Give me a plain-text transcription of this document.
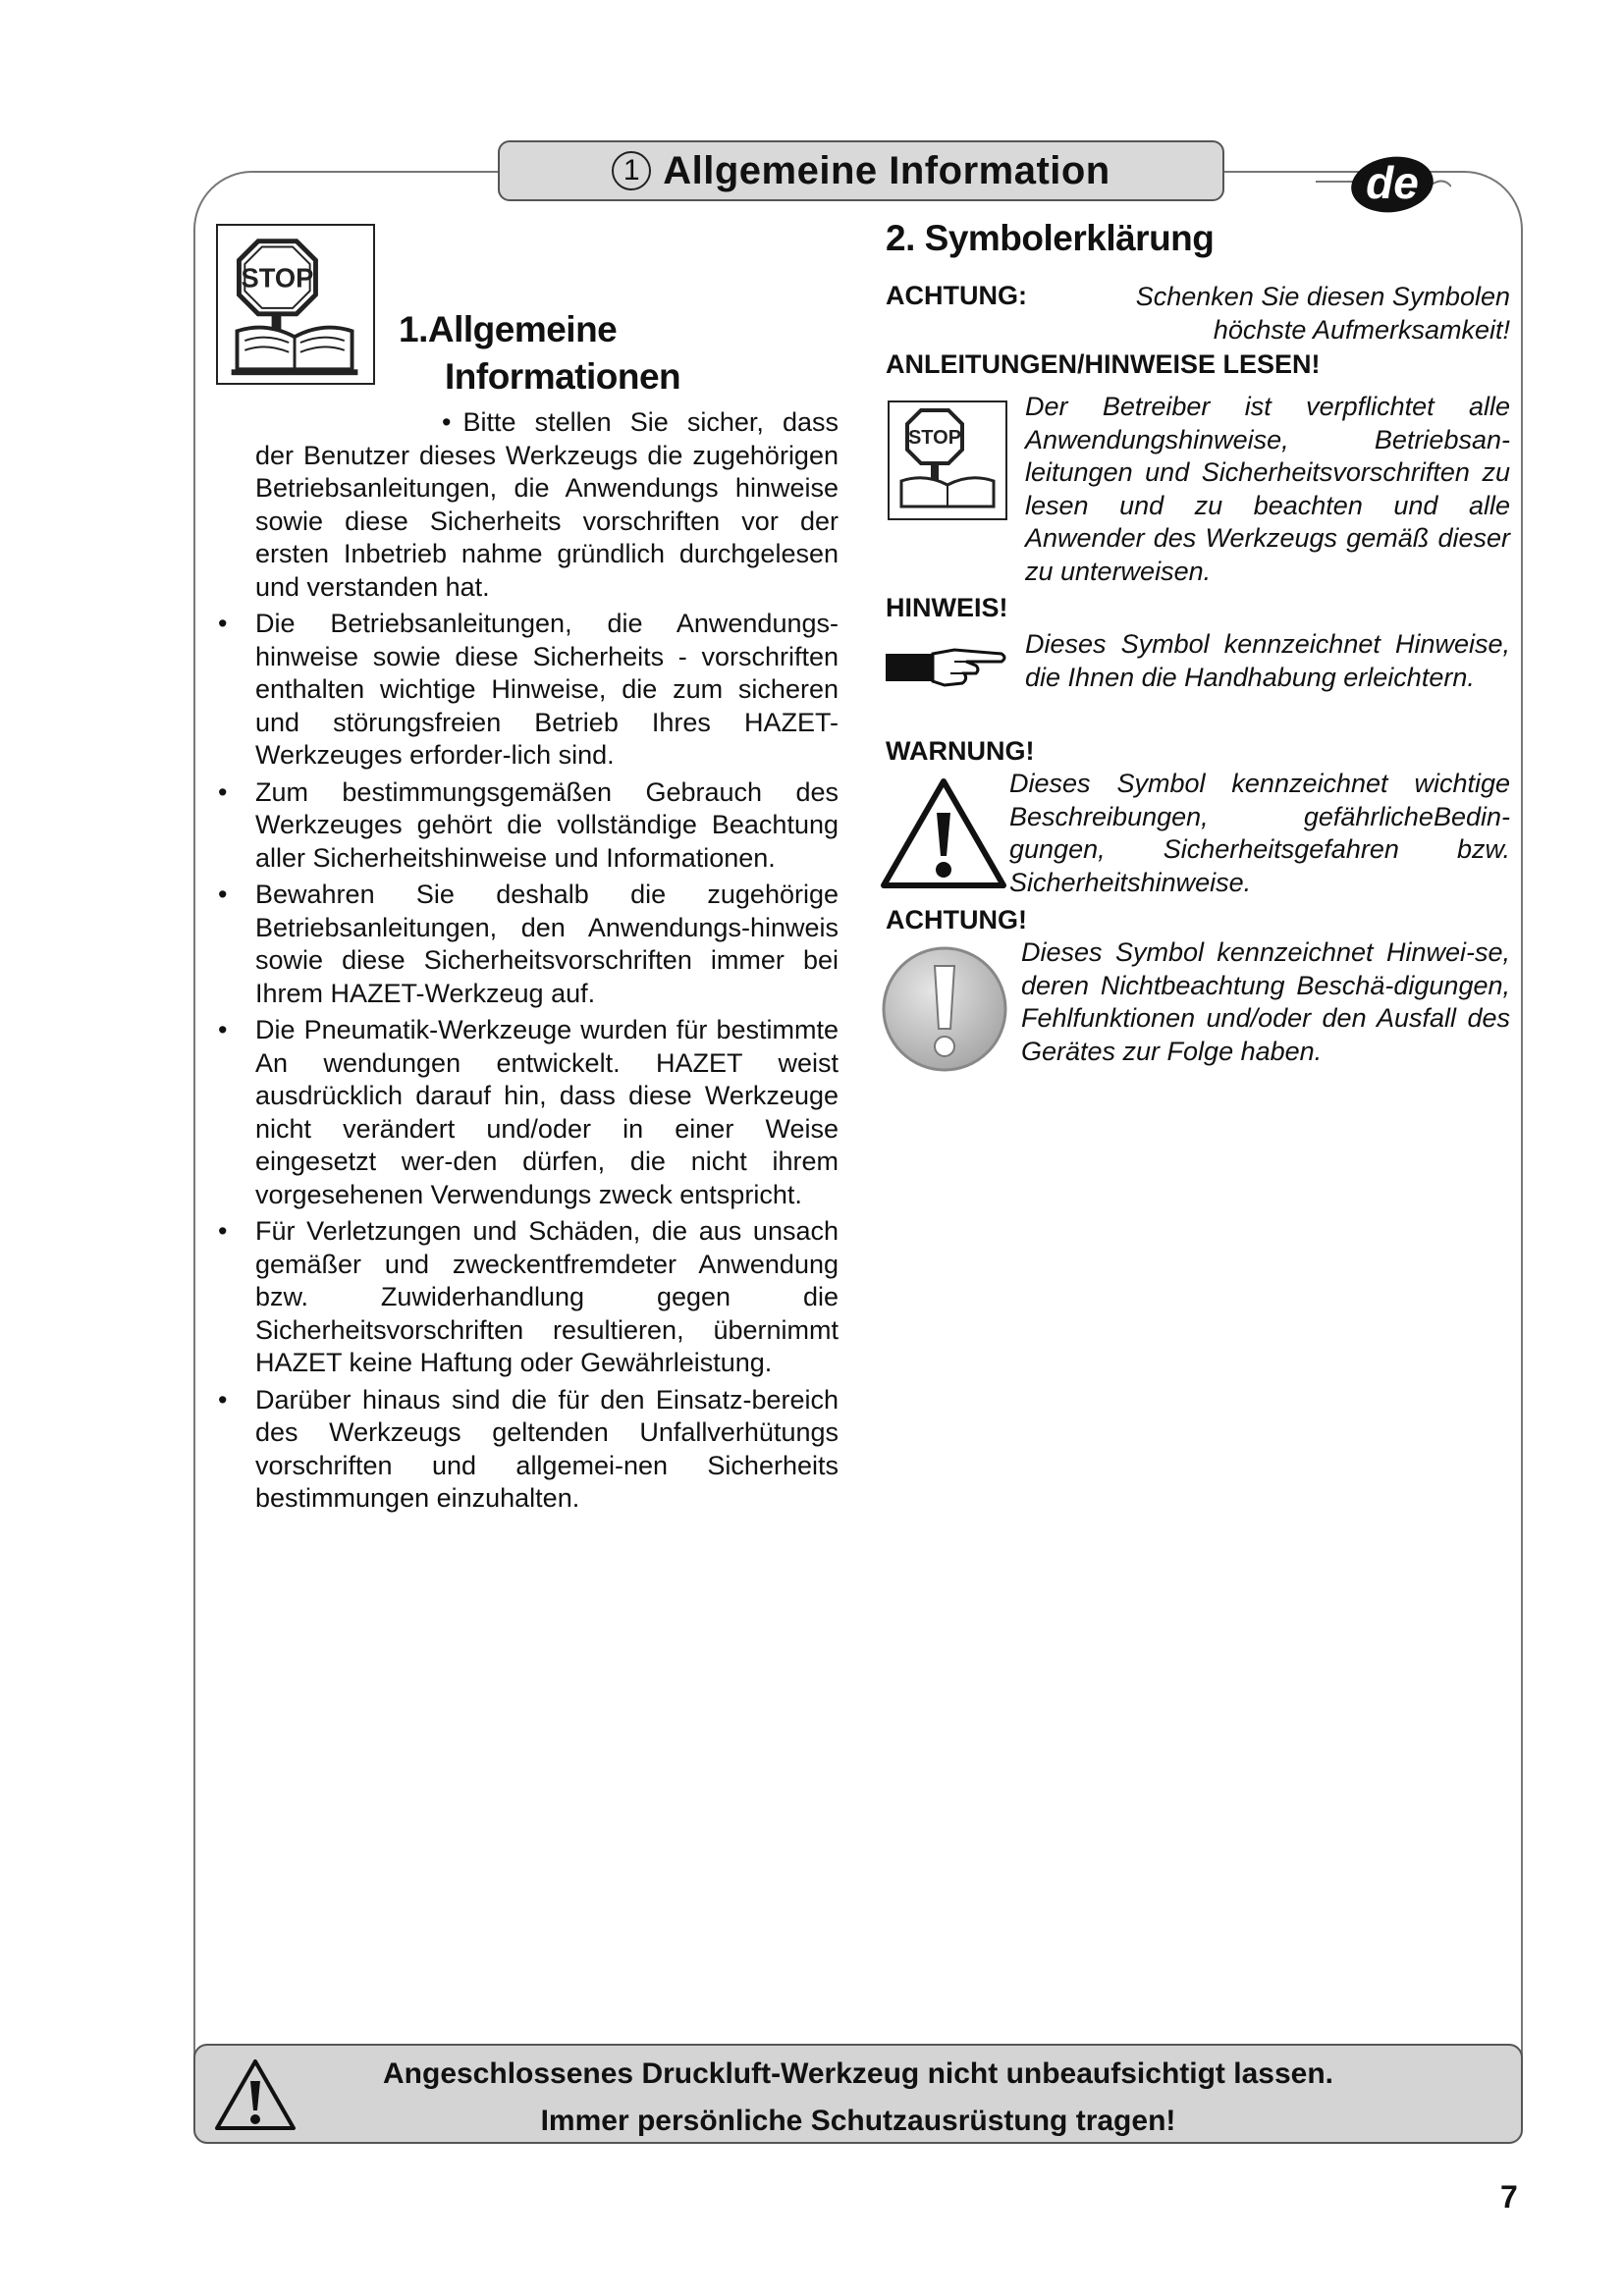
1 Allgemeine Information	de
STOP
1.Allgemeine
Informationen

• Bitte stellen Sie sicher, dass der Benutzer dieses Werkzeugs die zugehörigen Betriebsanleitungen, die Anwendungs hinweise sowie diese Sicherheits vorschriften vor der ersten Inbetrieb nahme gründlich durchgelesen und verstanden hat.

• Die Betriebsanleitungen, die Anwendungs-hinweise sowie diese Sicherheits - vorschriften enthalten wichtige Hinweise, die zum sicheren und störungsfreien Betrieb Ihres HAZET-Werkzeuges erforder-lich sind.

• Zum bestimmungsgemäßen Gebrauch des Werkzeuges gehört die vollständige Beachtung aller Sicherheitshinweise und Informationen.

• Bewahren Sie deshalb die zugehörige Betriebsanleitungen, den Anwendungs-hinweis sowie diese Sicherheitsvorschriften immer bei Ihrem HAZET-Werkzeug auf.

• Die Pneumatik-Werkzeuge wurden für bestimmte An wendungen entwickelt. HAZET weist ausdrücklich darauf hin, dass diese Werkzeuge nicht verändert und/oder in einer Weise eingesetzt wer-den dürfen, die nicht ihrem vorgesehenen Verwendungs zweck entspricht.

• Für Verletzungen und Schäden, die aus unsach gemäßer und zweckentfremdeter Anwendung bzw. Zuwiderhandlung gegen die Sicherheitsvorschriften resultieren, übernimmt HAZET keine Haftung oder Gewährleistung.

• Darüber hinaus sind die für den Einsatz-bereich des Werkzeugs geltenden Unfallverhütungs vorschriften und allgemei-nen Sicherheits bestimmungen einzuhalten.

2. Symbolerklärung
ACHTUNG:	Schenken Sie diesen Symbolen höchste Aufmerksamkeit!
ANLEITUNGEN/HINWEISE LESEN!
STOP
Der Betreiber ist verpflichtet alle Anwendungshinweise, Betriebsan-leitungen und Sicherheitsvorschriften zu lesen und zu beachten und alle Anwender des Werkzeugs gemäß dieser zu unterweisen.
HINWEIS!
Dieses Symbol kennzeichnet Hinweise, die Ihnen die Handhabung erleichtern.
WARNUNG!
Dieses Symbol kennzeichnet wichtige Beschreibungen, gefährlicheBedin-gungen, Sicherheitsgefahren bzw. Sicherheitshinweise.
ACHTUNG!
Dieses Symbol kennzeichnet Hinwei-se, deren Nichtbeachtung Beschä-digungen, Fehlfunktionen und/oder den Ausfall des Gerätes zur Folge haben.
Angeschlossenes Druckluft-Werkzeug nicht unbeaufsichtigt lassen.
Immer persönliche Schutzausrüstung tragen!
7
